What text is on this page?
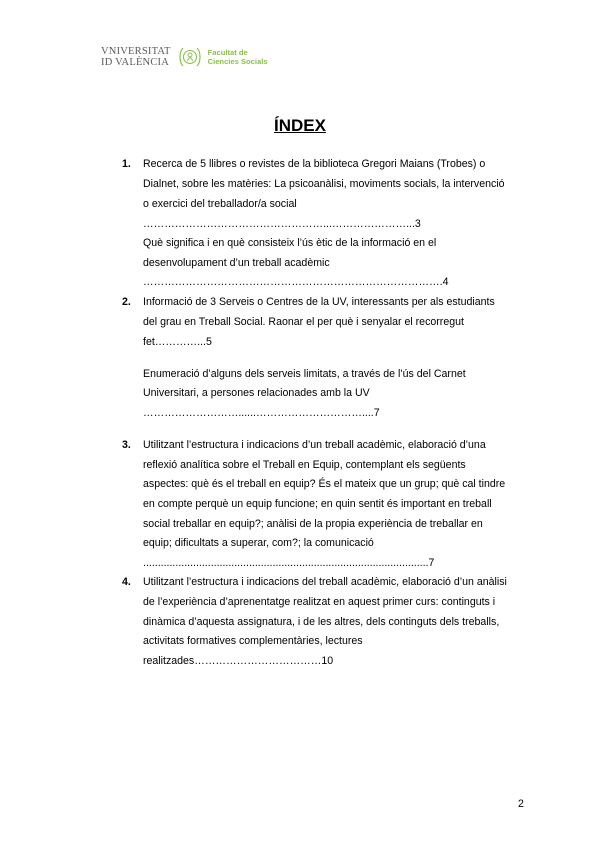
VNIVERSITAT
ID VALÈNCIA
Facultat de
Ciencies Socials
ÍNDEX
1. Recerca de 5 llibres o revistes de la biblioteca Gregori Maians (Trobes) o
Dialnet, sobre les matèries: La psicoanàlisi, moviments socials, la intervenció
o exercici del treballador/a social
……………………………………………...…………………...3
Què significa i en què consisteix l’ús ètic de la informació en el
desenvolupament d’un treball acadèmic
………………………………………………………………………….4
2. Informació de 3 Serveis o Centres de la UV, interessants per als estudiants
del grau en Treball Social. Raonar el per què i senyalar el recorregut
fet…………...5
Enumeració d’alguns dels serveis limitats, a través de l’ús del Carnet
Universitari, a persones relacionades amb la UV
………………………......…………………………....7
3. Utilitzant l’estructura i indicacions d’un treball acadèmic, elaboració d’una
reflexió analítica sobre el Treball en Equip, contemplant els següents
aspectes: què és el treball en equip? És el mateix que un grup; què cal tindre
en compte perquè un equip funcione; en quin sentit és important en treball
social treballar en equip?; anàlisi de la propia experiència de treballar en
equip; dificultats a superar, com?; la comunicació
.................................................................................................7
4. Utilitzant l’estructura i indicacions del treball acadèmic, elaboració d’un anàlisi
de l’experiència d’aprenentatge realitzat en aquest primer curs: continguts i
dinàmica d’aquesta assignatura, i de les altres, dels continguts dels treballs,
activitats formatives complementàries, lectures
realitzades………………………………10
2
